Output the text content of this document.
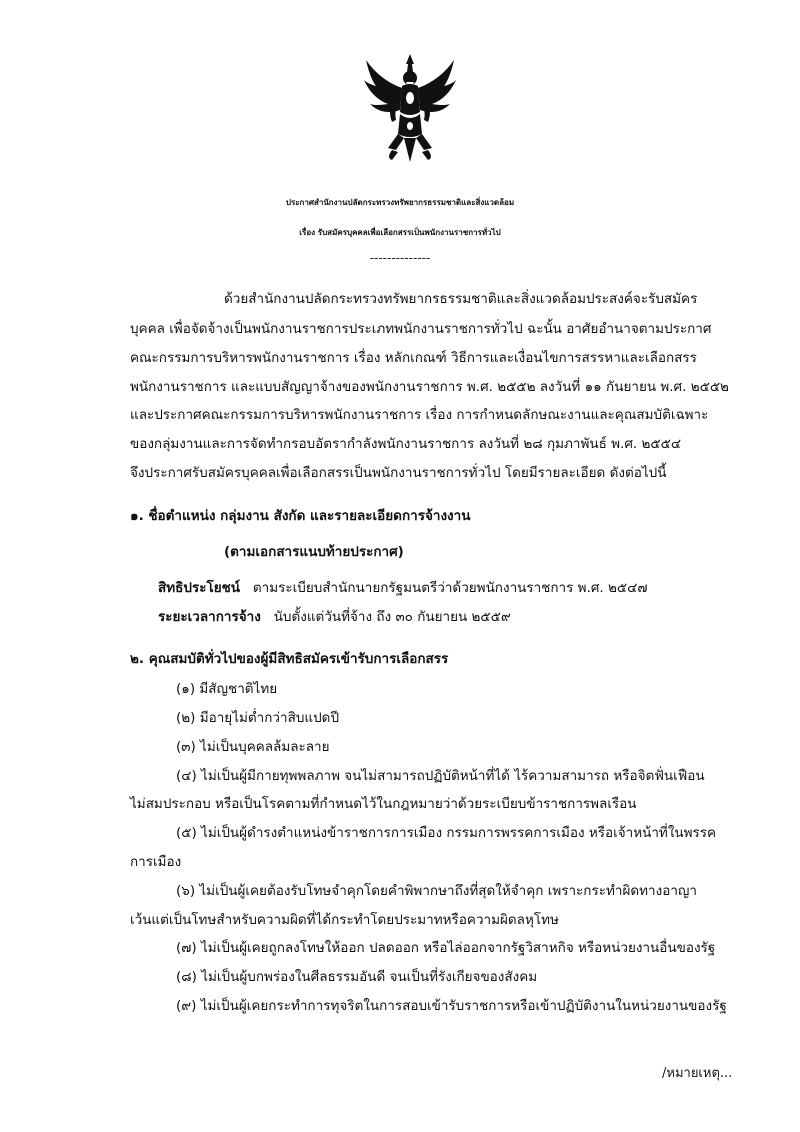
ประกาศสำนักงานปลัดกระทรวงทรัพยากรธรรมชาติและสิ่งแวดล้อม
เรื่อง รับสมัครบุคคลเพื่อเลือกสรรเป็นพนักงานราชการทั่วไป
--------------
ด้วยสำนักงานปลัดกระทรวงทรัพยากรธรรมชาติและสิ่งแวดล้อมประสงค์จะรับสมัคร
บุคคล เพื่อจัดจ้างเป็นพนักงานราชการประเภทพนักงานราชการทั่วไป ฉะนั้น อาศัยอำนาจตามประกาศ
คณะกรรมการบริหารพนักงานราชการ เรื่อง หลักเกณฑ์ วิธีการและเงื่อนไขการสรรหาและเลือกสรร
พนักงานราชการ และแบบสัญญาจ้างของพนักงานราชการ พ.ศ. ๒๕๕๒ ลงวันที่ ๑๑ กันยายน พ.ศ. ๒๕๕๒
และประกาศคณะกรรมการบริหารพนักงานราชการ เรื่อง การกำหนดลักษณะงานและคุณสมบัติเฉพาะ
ของกลุ่มงานและการจัดทำกรอบอัตรากำลังพนักงานราชการ ลงวันที่ ๒๘ กุมภาพันธ์ พ.ศ. ๒๕๕๔
จึงประกาศรับสมัครบุคคลเพื่อเลือกสรรเป็นพนักงานราชการทั่วไป โดยมีรายละเอียด ดังต่อไปนี้
๑. ชื่อตำแหน่ง กลุ่มงาน สังกัด และรายละเอียดการจ้างงาน
(ตามเอกสารแนบท้ายประกาศ)
สิทธิประโยชน์ ตามระเบียบสำนักนายกรัฐมนตรีว่าด้วยพนักงานราชการ พ.ศ. ๒๕๔๗
ระยะเวลาการจ้าง นับตั้งแต่วันที่จ้าง ถึง ๓๐ กันยายน ๒๕๕๙
๒. คุณสมบัติทั่วไปของผู้มีสิทธิสมัครเข้ารับการเลือกสรร
(๑) มีสัญชาติไทย
(๒) มีอายุไม่ต่ำกว่าสิบแปดปี
(๓) ไม่เป็นบุคคลล้มละลาย
(๔) ไม่เป็นผู้มีกายทุพพลภาพ จนไม่สามารถปฏิบัติหน้าที่ได้ ไร้ความสามารถ หรือจิตฟั่นเฟือน
ไม่สมประกอบ หรือเป็นโรคตามที่กำหนดไว้ในกฎหมายว่าด้วยระเบียบข้าราชการพลเรือน
(๕) ไม่เป็นผู้ดำรงตำแหน่งข้าราชการการเมือง กรรมการพรรคการเมือง หรือเจ้าหน้าที่ในพรรค
การเมือง
(๖) ไม่เป็นผู้เคยต้องรับโทษจำคุกโดยคำพิพากษาถึงที่สุดให้จำคุก เพราะกระทำผิดทางอาญา
เว้นแต่เป็นโทษสำหรับความผิดที่ได้กระทำโดยประมาทหรือความผิดลหุโทษ
(๗) ไม่เป็นผู้เคยถูกลงโทษให้ออก ปลดออก หรือไล่ออกจากรัฐวิสาหกิจ หรือหน่วยงานอื่นของรัฐ
(๘) ไม่เป็นผู้บกพร่องในศีลธรรมอันดี จนเป็นที่รังเกียจของสังคม
(๙) ไม่เป็นผู้เคยกระทำการทุจริตในการสอบเข้ารับราชการหรือเข้าปฏิบัติงานในหน่วยงานของรัฐ
/หมายเหตุ...
